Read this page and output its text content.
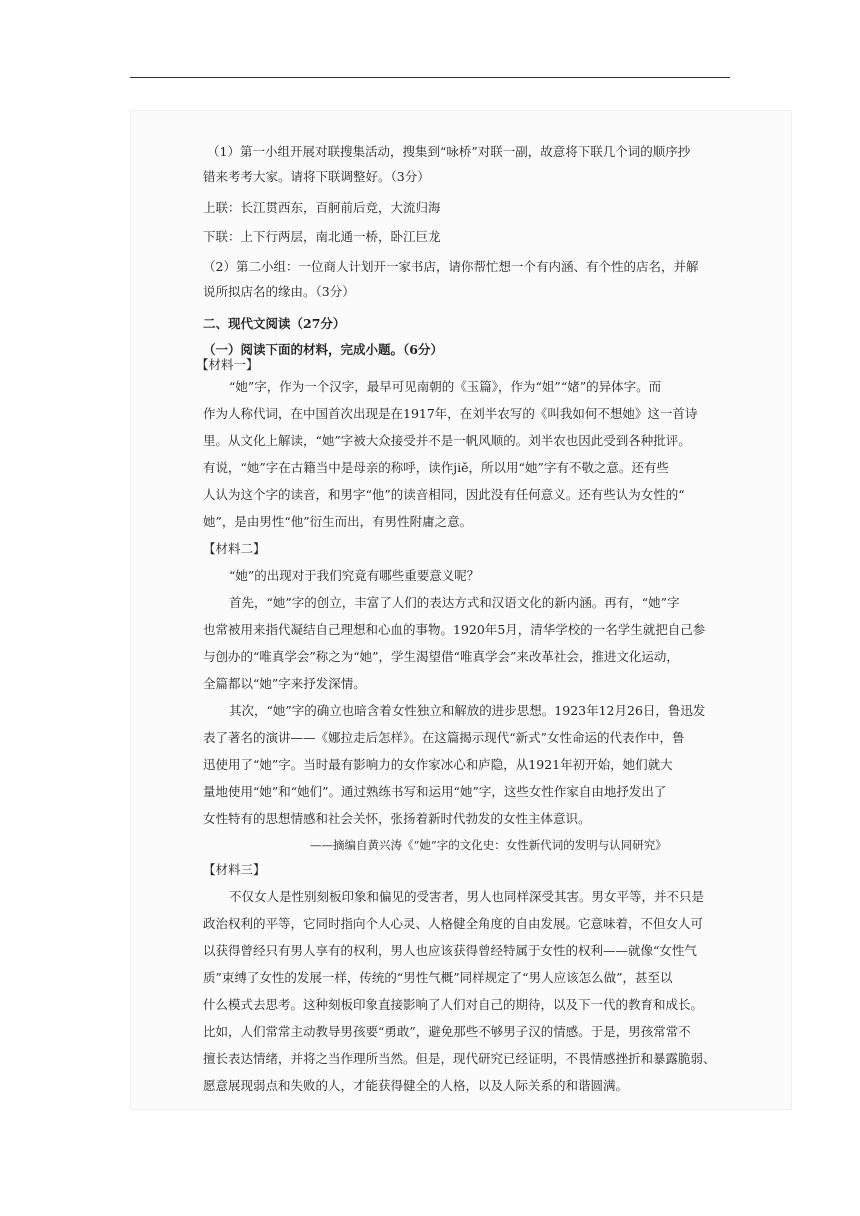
（1）第一小组开展对联搜集活动，搜集到“咏桥”对联一副，故意将下联几个词的顺序抄
错来考考大家。请将下联调整好。（3分）
上联：长江贯西东，百舸前后竞，大流归海
下联：上下行两层，南北通一桥，卧江巨龙
（2）第二小组：一位商人计划开一家书店，请你帮忙想一个有内涵、有个性的店名，并解
说所拟店名的缘由。（3分）
二、现代文阅读（27分）
（一）阅读下面的材料，完成小题。（6分）
【材料一】
“她”字，作为一个汉字，最早可见南朝的《玉篇》，作为“姐”“媎”的异体字。而
作为人称代词，在中国首次出现是在1917年，在刘半农写的《叫我如何不想她》这一首诗
里。从文化上解读，“她”字被大众接受并不是一帆风顺的。刘半农也因此受到各种批评。
有说，“她”字在古籍当中是母亲的称呼，读作jiě，所以用“她”字有不敬之意。还有些
人认为这个字的读音，和男字“他”的读音相同，因此没有任何意义。还有些认为女性的“
她”，是由男性“他”衍生而出，有男性附庸之意。
【材料二】
“她”的出现对于我们究竟有哪些重要意义呢？
首先，“她”字的创立，丰富了人们的表达方式和汉语文化的新内涵。再有，“她”字
也常被用来指代凝结自己理想和心血的事物。1920年5月，清华学校的一名学生就把自己参
与创办的“唯真学会”称之为“她”，学生渴望借“唯真学会”来改革社会，推进文化运动，
全篇都以“她”字来抒发深情。
其次，“她”字的确立也暗含着女性独立和解放的进步思想。1923年12月26日，鲁迅发
表了著名的演讲——《娜拉走后怎样》。在这篇揭示现代“新式”女性命运的代表作中，鲁
迅使用了“她”字。当时最有影响力的女作家冰心和庐隐，从1921年初开始，她们就大
量地使用“她”和“她们”。通过熟练书写和运用“她”字，这些女性作家自由地抒发出了
女性特有的思想情感和社会关怀，张扬着新时代勃发的女性主体意识。
——摘编自黄兴涛《“她”字的文化史：女性新代词的发明与认同研究》
【材料三】
不仅女人是性别刻板印象和偏见的受害者，男人也同样深受其害。男女平等，并不只是
政治权利的平等，它同时指向个人心灵、人格健全角度的自由发展。它意味着，不但女人可
以获得曾经只有男人享有的权利，男人也应该获得曾经特属于女性的权利——就像“女性气
质”束缚了女性的发展一样，传统的“男性气概”同样规定了“男人应该怎么做”，甚至以
什么模式去思考。这种刻板印象直接影响了人们对自己的期待，以及下一代的教育和成长。
比如，人们常常主动教导男孩要“勇敢”，避免那些不够男子汉的情感。于是，男孩常常不
擅长表达情绪，并将之当作理所当然。但是，现代研究已经证明，不畏情感挫折和暴露脆弱、
愿意展现弱点和失败的人，才能获得健全的人格，以及人际关系的和谐圆满。
